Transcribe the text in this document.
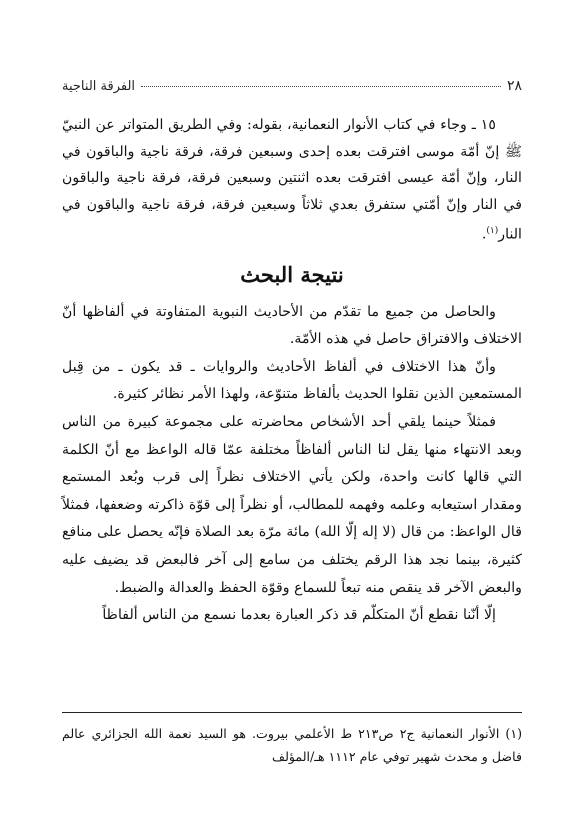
٢٨
الفرقة الناجية

١٥ ـ وجاء في كتاب الأنوار النعمانية، بقوله: وفي الطريق المتواتر عن النبيّ ﷺ إنّ أمّة موسى افترقت بعده إحدى وسبعين فرقة، فرقة ناجية والباقون في النار، وإنّ أمّة عيسى افترقت بعده اثنتين وسبعين فرقة، فرقة ناجية والباقون في النار وإنّ أمّتي ستفرق بعدي ثلاثاً وسبعين فرقة، فرقة ناجية والباقون في النار$^{(١)}$.

نتيجة البحث

والحاصل من جميع ما تقدّم من الأحاديث النبوية المتفاوتة في ألفاظها أنّ الاختلاف والافتراق حاصل في هذه الأمّة.

وأنّ هذا الاختلاف في ألفاظ الأحاديث والروايات ـ قد يكون ـ من قِبل المستمعين الذين نقلوا الحديث بألفاظ متنوّعة، ولهذا الأمر نظائر كثيرة.

فمثلاً حينما يلقي أحد الأشخاص محاضرته على مجموعة كبيرة من الناس وبعد الانتهاء منها يقل لنا الناس ألفاظاً مختلفة عمّا قاله الواعظ مع أنّ الكلمة التي قالها كانت واحدة، ولكن يأتي الاختلاف نظراً إلى قرب وبُعد المستمع ومقدار استيعابه وعلمه وفهمه للمطالب، أو نظراً إلى قوّة ذاكرته وضعفها، فمثلاً قال الواعظ: من قال (لا إله إلّا الله) مائة مرّة بعد الصلاة فإنّه يحصل على منافع كثيرة، بينما نجد هذا الرقم يختلف من سامع إلى آخر فالبعض قد يضيف عليه والبعض الآخر قد ينقص منه تبعاً للسماع وقوّة الحفظ والعدالة والضبط.

إلّا أنّنا نقطع أنّ المتكلّم قد ذكر العبارة بعدما نسمع من الناس ألفاظاً

(١) الأنوار النعمانية ج٢ ص٢١٣ ط الأعلمي بيروت. هو السيد نعمة الله الجزائري عالم فاضل و محدث شهير توفي عام ١١١٢ هـ/المؤلف
